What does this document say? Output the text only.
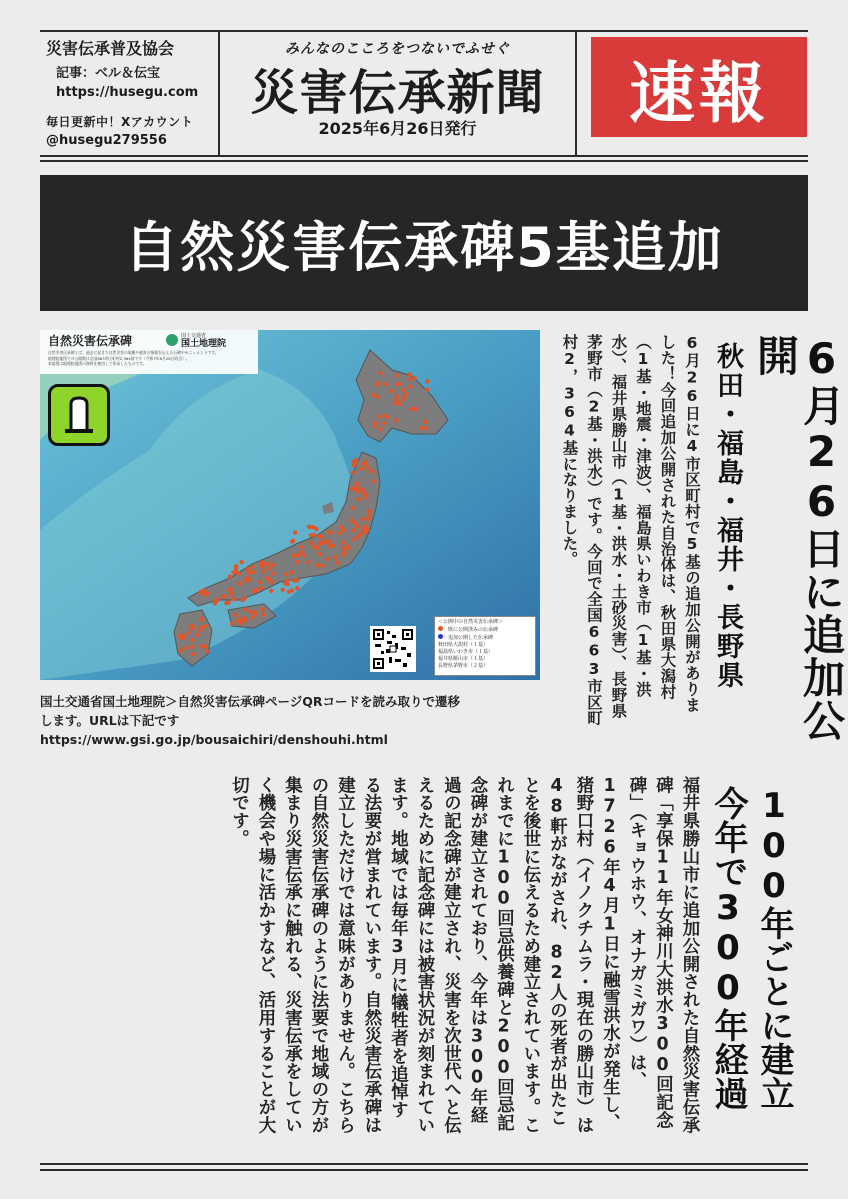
災害伝承普及協会
記事：ベル＆伝宝
https://husegu.com
毎日更新中！Xアカウント
@husegu279556
みんなのこころをつないでふせぐ
災害伝承新聞
2025年6月26日発行	速報
自然災害伝承碑5基追加
自然災害伝承碑	国土交通省
国土地理院
自然災害伝承碑とは、過去に起きた自然災害の規模や被害の情報を伝える石碑やモニュメントです。
地理院地図での公開数は全国663市区町村2,364基です（令和7年6月26日時点）。
本地図は地理院地図の資料を使用して作成したものです。
＜公開中の自然災害伝承碑＞
：既に公開済みの伝承碑
：追加公開した伝承碑
秋田県大潟村（１基）
福島県いわき市（１基）
福井県勝山市（１基）
長野県茅野市（２基）
国土交通省国土地理院＞自然災害伝承碑ページQRコードを読み取りで遷移
します。URLは下記です
https://www.gsi.go.jp/bousaichiri/denshouhi.html	6月26日に追加公開
秋田・福島・福井・長野県
6月26日に4市区町村で5基の追加公開がありました！今回追加公開された自治体は、秋田県大潟村（1基・地震・津波）、福島県いわき市（1基・洪水）、福井県勝山市（1基・洪水・土砂災害）、長野県茅野市（2基・洪水）です。今回で全国663市区町村2，364基になりました。
100年ごとに建立
今年で300年経過
福井県勝山市に追加公開された自然災害伝承碑「享保11年女神川大洪水300回記念碑」（キョウホウ、オナガミガワ）は、1726年4月1日に融雪洪水が発生し、猪野口村（イノクチムラ・現在の勝山市）は48軒がながされ、82人の死者が出たことを後世に伝えるため建立されています。これまでに100回忌供養碑と200回忌記念碑が建立されており、今年は300年経過の記念碑が建立され、災害を次世代へと伝えるために記念碑には被害状況が刻まれています。地域では毎年3月に犠牲者を追悼する法要が営まれています。自然災害伝承碑は建立しただけでは意味がありません。こちらの自然災害伝承碑のように法要で地域の方が集まり災害伝承に触れる、災害伝承をしていく機会や場に活かすなど、活用することが大切です。
